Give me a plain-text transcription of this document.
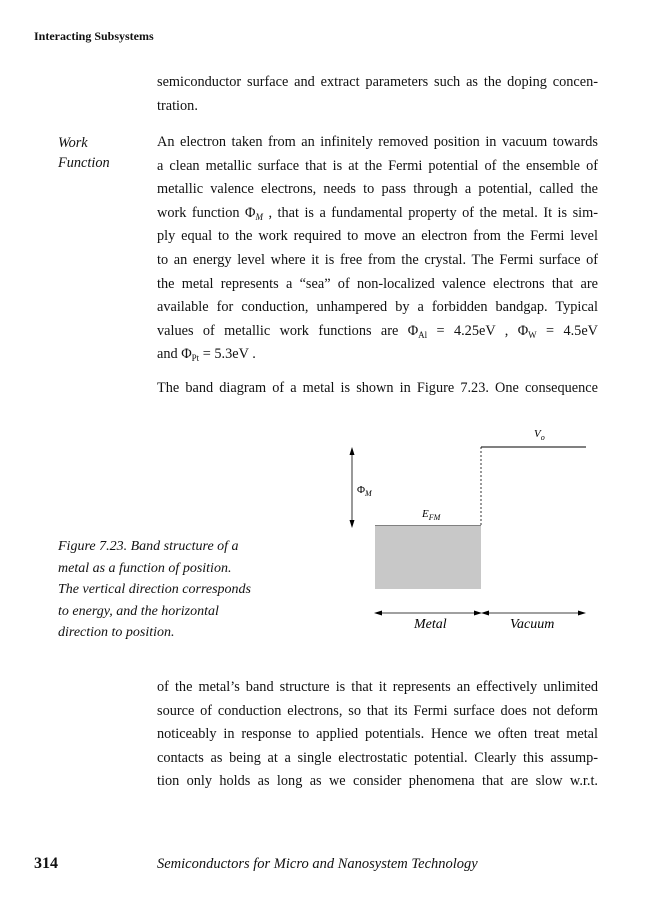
Interacting Subsystems
semiconductor surface and extract parameters such as the doping concen-
tration.
Work
Function
An electron taken from an infinitely removed position in vacuum towards
a clean metallic surface that is at the Fermi potential of the ensemble of
metallic valence electrons, needs to pass through a potential, called the
work function $\Phi_M$ , that is a fundamental property of the metal. It is sim-
ply equal to the work required to move an electron from the Fermi level
to an energy level where it is free from the crystal. The Fermi surface of
the metal represents a “sea” of non-localized valence electrons that are
available for conduction, unhampered by a forbidden bandgap. Typical
values of metallic work functions are $\Phi_{Al} = 4.25eV$ , $\Phi_W = 4.5eV$
and $\Phi_{Pt} = 5.3eV$ .
The band diagram of a metal is shown in Figure 7.23. One consequence
$V_o$
$\Phi_M$
$E_{FM}$
Metal	Vacuum
Figure 7.23. Band structure of a
metal as a function of position.
The vertical direction corresponds
to energy, and the horizontal
direction to position.
of the metal’s band structure is that it represents an effectively unlimited
source of conduction electrons, so that its Fermi surface does not deform
noticeably in response to applied potentials. Hence we often treat metal
contacts as being at a single electrostatic potential. Clearly this assump-
tion only holds as long as we consider phenomena that are slow w.r.t.
314	Semiconductors for Micro and Nanosystem Technology
